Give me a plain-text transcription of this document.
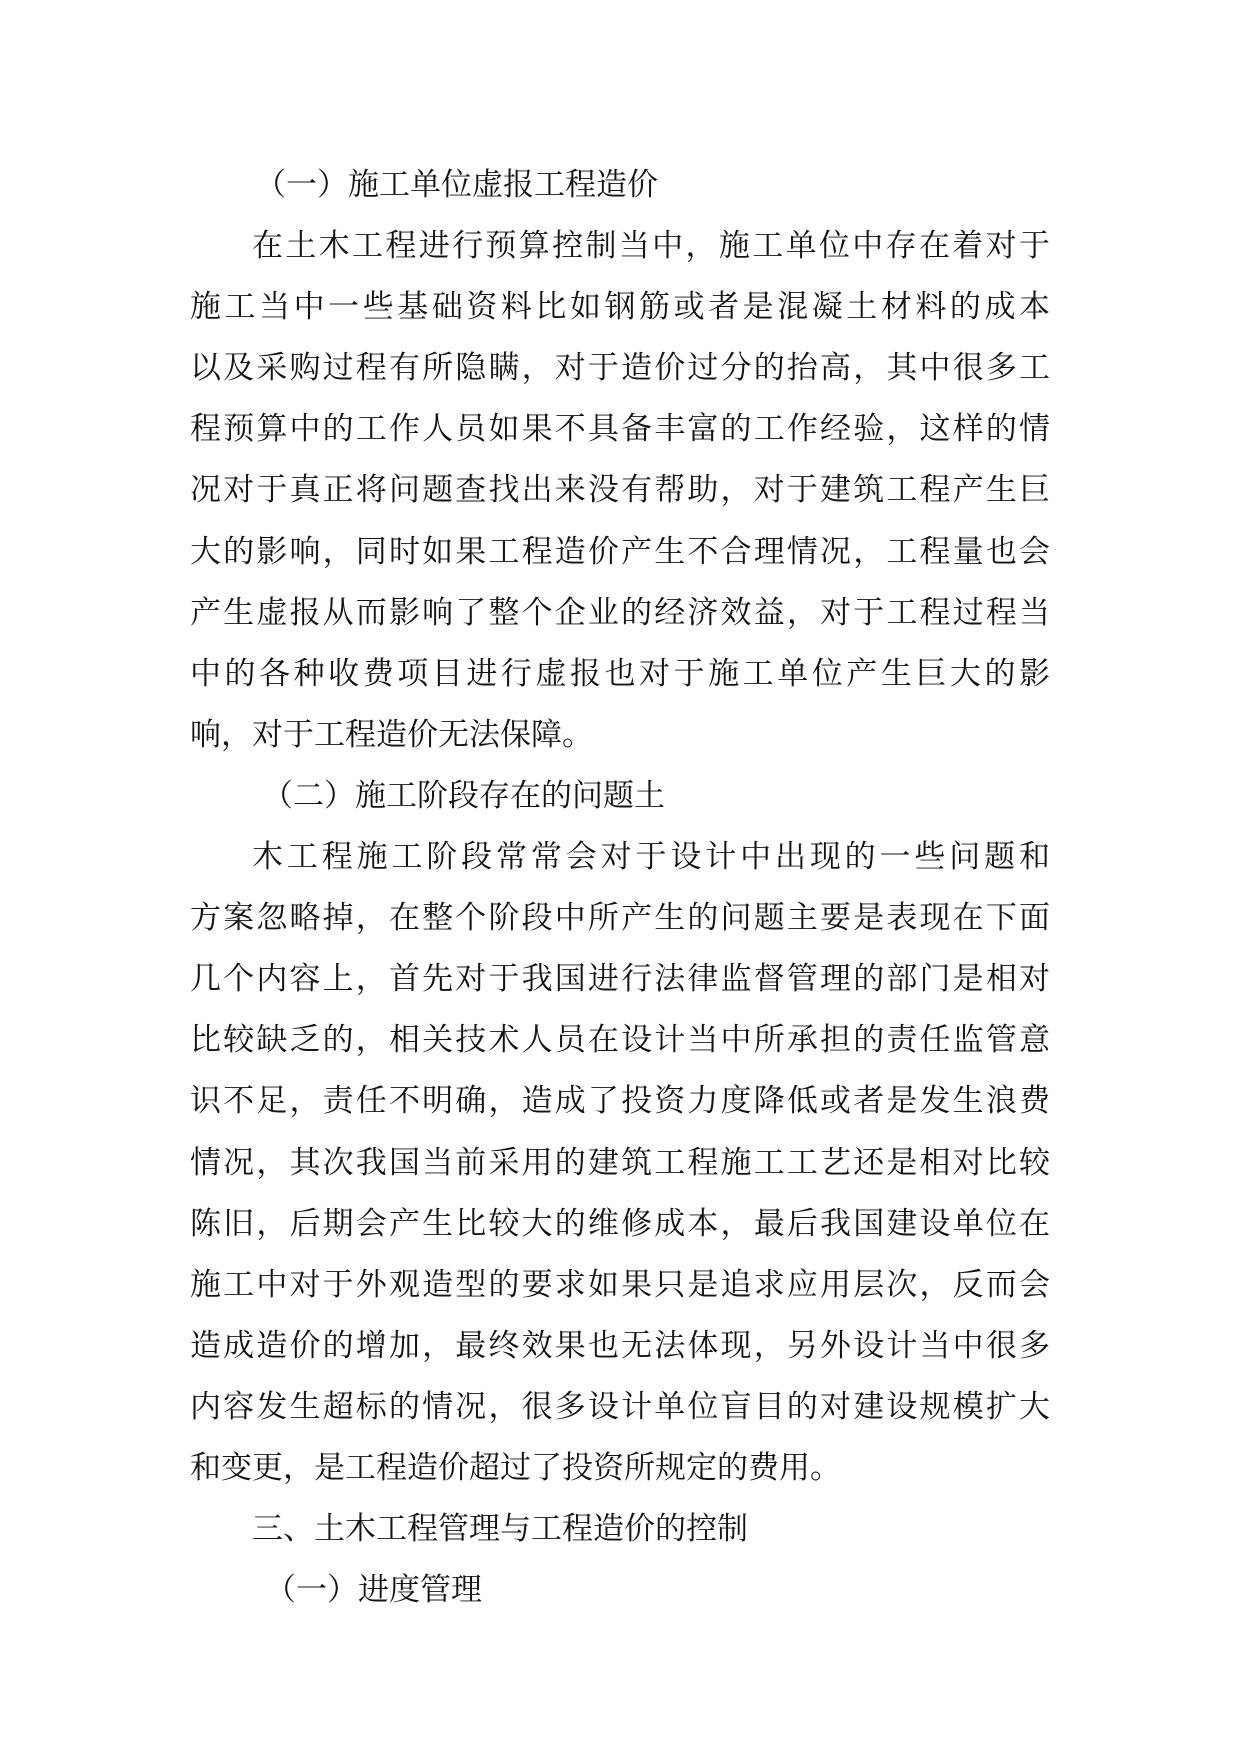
（一）施工单位虚报工程造价
在土木工程进行预算控制当中，施工单位中存在着对于
施工当中一些基础资料比如钢筋或者是混凝土材料的成本
以及采购过程有所隐瞒，对于造价过分的抬高，其中很多工
程预算中的工作人员如果不具备丰富的工作经验，这样的情
况对于真正将问题查找出来没有帮助，对于建筑工程产生巨
大的影响，同时如果工程造价产生不合理情况，工程量也会
产生虚报从而影响了整个企业的经济效益，对于工程过程当
中的各种收费项目进行虚报也对于施工单位产生巨大的影
响，对于工程造价无法保障。
（二）施工阶段存在的问题土
木工程施工阶段常常会对于设计中出现的一些问题和
方案忽略掉，在整个阶段中所产生的问题主要是表现在下面
几个内容上，首先对于我国进行法律监督管理的部门是相对
比较缺乏的，相关技术人员在设计当中所承担的责任监管意
识不足，责任不明确，造成了投资力度降低或者是发生浪费
情况，其次我国当前采用的建筑工程施工工艺还是相对比较
陈旧，后期会产生比较大的维修成本，最后我国建设单位在
施工中对于外观造型的要求如果只是追求应用层次，反而会
造成造价的增加，最终效果也无法体现，另外设计当中很多
内容发生超标的情况，很多设计单位盲目的对建设规模扩大
和变更，是工程造价超过了投资所规定的费用。
三、土木工程管理与工程造价的控制
（一）进度管理
